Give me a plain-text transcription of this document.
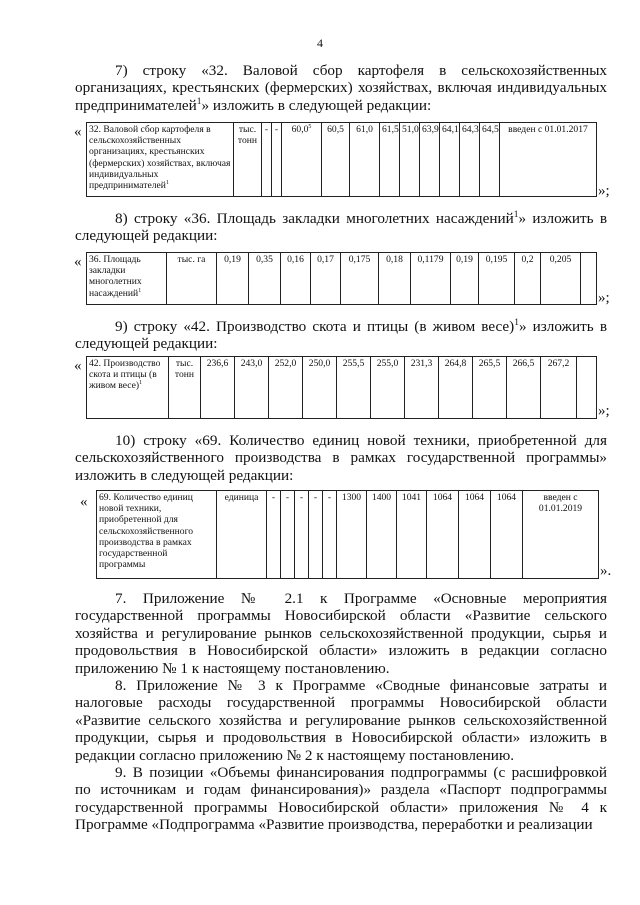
4
7) строку «32. Валовой сбор картофеля в сельскохозяйственных организациях, крестьянских (фермерских) хозяйствах, включая индивидуальных предпринимателей$^1$» изложить в следующей редакции:
« 32. Валовой сбор картофеля в сельскохозяйственных организациях, крестьянских (фермерских) хозяйствах, включая индивидуальных предпринимателей$^1$	тыс. тонн	-	-	60,0$^5$	60,5	61,0	61,5	51,0	63,9	64,1	64,3	64,5	введен с 01.01.2017
»;
8) строку «36. Площадь закладки многолетних насаждений$^1$» изложить в следующей редакции:
« 36. Площадь закладки многолетних насаждений$^1$	тыс. га	0,19	0,35	0,16	0,17	0,175	0,18	0,1179	0,19	0,195	0,2	0,205	
»;
9) строку «42. Производство скота и птицы (в живом весе)$^1$» изложить в следующей редакции:
« 42. Производство скота и птицы (в живом весе)$^1$	тыс. тонн	236,6	243,0	252,0	250,0	255,5	255,0	231,3	264,8	265,5	266,5	267,2	
»;
10) строку «69. Количество единиц новой техники, приобретенной для сельскохозяйственного производства в рамках государственной программы» изложить в следующей редакции:
« 69. Количество единиц новой техники, приобретенной для сельскохозяйственного производства в рамках государственной программы	единица	-	-	-	-	-	1300	1400	1041	1064	1064	1064	введен с 01.01.2019
».
7. Приложение № 2.1 к Программе «Основные мероприятия государственной программы Новосибирской области «Развитие сельского хозяйства и регулирование рынков сельскохозяйственной продукции, сырья и продовольствия в Новосибирской области» изложить в редакции согласно приложению № 1 к настоящему постановлению.
8. Приложение № 3 к Программе «Сводные финансовые затраты и налоговые расходы государственной программы Новосибирской области «Развитие сельского хозяйства и регулирование рынков сельскохозяйственной продукции, сырья и продовольствия в Новосибирской области» изложить в редакции согласно приложению № 2 к настоящему постановлению.
9. В позиции «Объемы финансирования подпрограммы (с расшифровкой по источникам и годам финансирования)» раздела «Паспорт подпрограммы государственной программы Новосибирской области» приложения № 4 к Программе «Подпрограмма «Развитие производства, переработки и реализации
